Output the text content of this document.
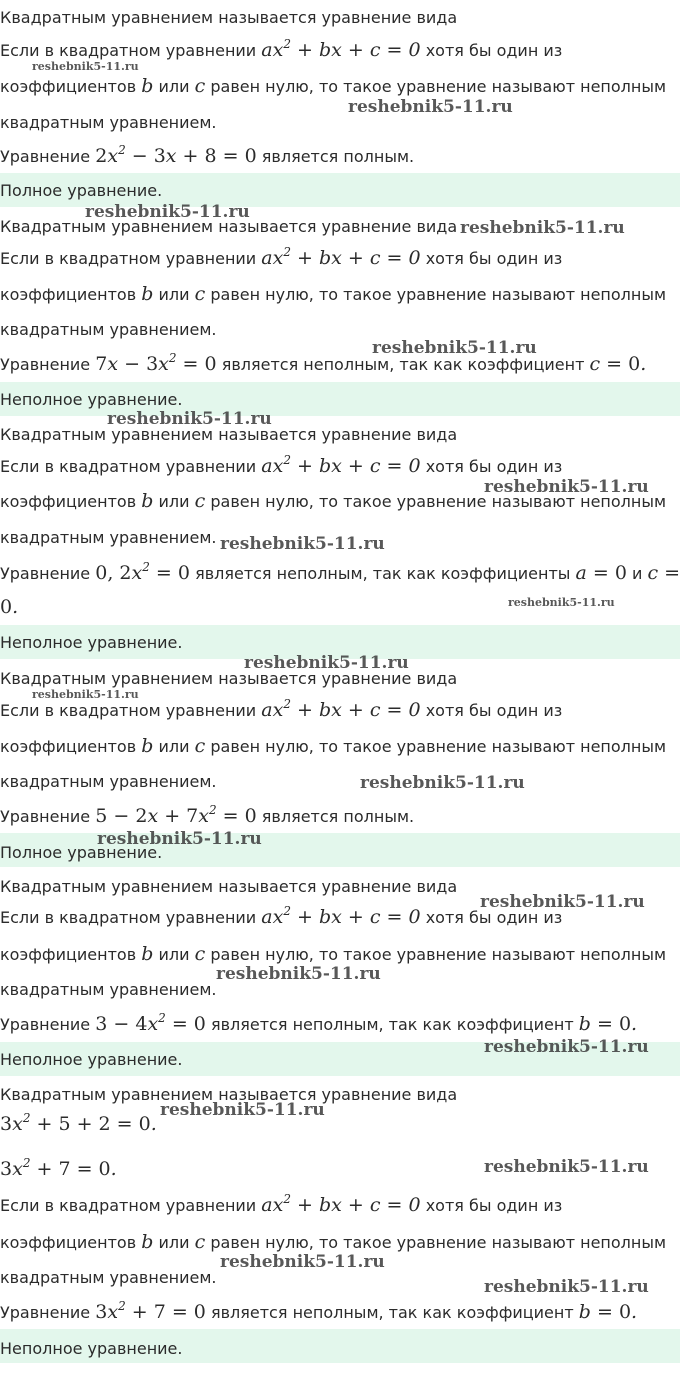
Квадратным уравнением называется уравнение вида
Если в квадратном уравнении $ax^2$ + bx + c = 0 хотя бы один из
коэффициентов b или c равен нулю, то такое уравнение называют неполным
квадратным уравнением.
Уравнение $2x^2 - 3x + 8 = 0$ является полным.
Полное уравнение.
Квадратным уравнением называется уравнение вида
Если в квадратном уравнении $ax^2$ + bx + c = 0 хотя бы один из
коэффициентов b или c равен нулю, то такое уравнение называют неполным
квадратным уравнением.
Уравнение $7x - 3x^2 = 0$ является неполным, так как коэффициент c = 0.
Неполное уравнение.
Квадратным уравнением называется уравнение вида
Если в квадратном уравнении $ax^2$ + bx + c = 0 хотя бы один из
коэффициентов b или c равен нулю, то такое уравнение называют неполным
квадратным уравнением.
Уравнение 0, $2x^2 = 0$ является неполным, так как коэффициенты a = 0 и c =
0.
Неполное уравнение.
Квадратным уравнением называется уравнение вида
Если в квадратном уравнении $ax^2$ + bx + c = 0 хотя бы один из
коэффициентов b или c равен нулю, то такое уравнение называют неполным
квадратным уравнением.
Уравнение $5 - 2x + 7x^2 = 0$ является полным.
Полное уравнение.
Квадратным уравнением называется уравнение вида
Если в квадратном уравнении $ax^2$ + bx + c = 0 хотя бы один из
коэффициентов b или c равен нулю, то такое уравнение называют неполным
квадратным уравнением.
Уравнение $3 - 4x^2 = 0$ является неполным, так как коэффициент b = 0.
Неполное уравнение.
Квадратным уравнением называется уравнение вида
$3x^2 + 5 + 2 = 0$.
$3x^2 + 7 = 0$.
Если в квадратном уравнении $ax^2$ + bx + c = 0 хотя бы один из
коэффициентов b или c равен нулю, то такое уравнение называют неполным
квадратным уравнением.
Уравнение $3x^2 + 7 = 0$ является неполным, так как коэффициент b = 0.
Неполное уравнение.
reshebnik5-11.ru
reshebnik5-11.ru
reshebnik5-11.ru
reshebnik5-11.ru
reshebnik5-11.ru
reshebnik5-11.ru
reshebnik5-11.ru
reshebnik5-11.ru
reshebnik5-11.ru
reshebnik5-11.ru
reshebnik5-11.ru
reshebnik5-11.ru
reshebnik5-11.ru
reshebnik5-11.ru
reshebnik5-11.ru
reshebnik5-11.ru
reshebnik5-11.ru
reshebnik5-11.ru
reshebnik5-11.ru
reshebnik5-11.ru
